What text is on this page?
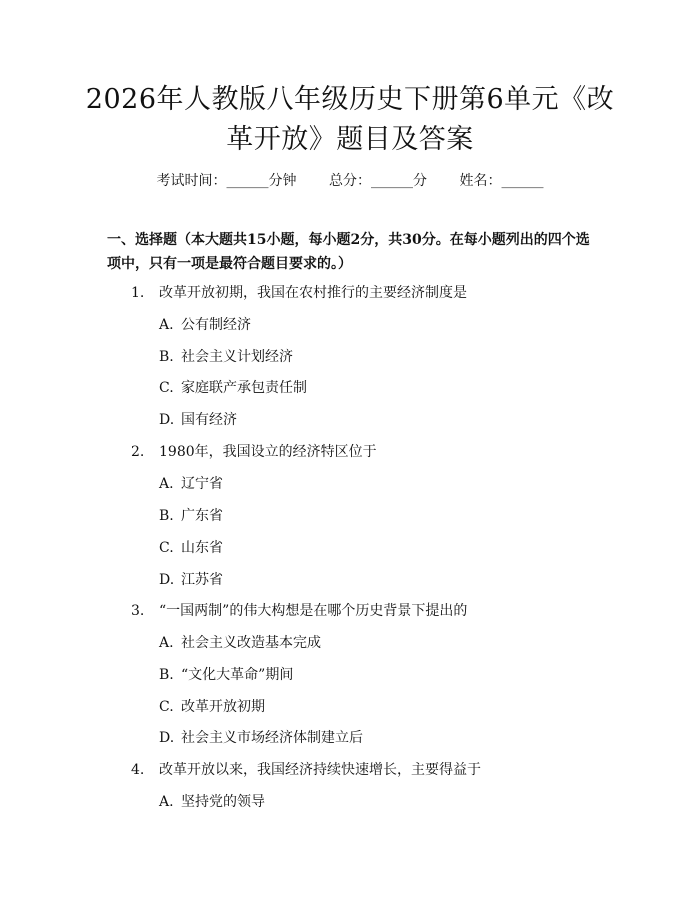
2026年人教版八年级历史下册第6单元《改
革开放》题目及答案
考试时间：______分钟 总分：______分 姓名：______
一、选择题（本大题共15小题，每小题2分，共30分。在每小题列出的四个选
项中，只有一项是最符合题目要求的。）
1. 改革开放初期，我国在农村推行的主要经济制度是
A. 公有制经济
B. 社会主义计划经济
C. 家庭联产承包责任制
D. 国有经济
2. 1980年，我国设立的经济特区位于
A. 辽宁省
B. 广东省
C. 山东省
D. 江苏省
3. “一国两制”的伟大构想是在哪个历史背景下提出的
A. 社会主义改造基本完成
B. “文化大革命”期间
C. 改革开放初期
D. 社会主义市场经济体制建立后
4. 改革开放以来，我国经济持续快速增长，主要得益于
A. 坚持党的领导
